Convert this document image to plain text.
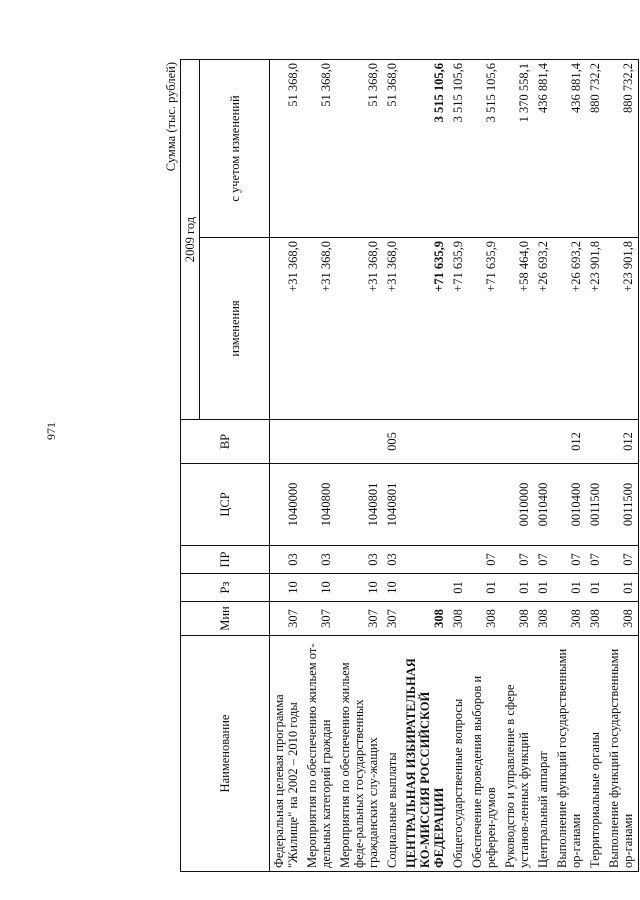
971
Сумма (тыс. рублей)
Наименование	Мин	Рз	ПР	ЦСР	ВР	2009 год	
						изменения	с учетом изменений
Федеральная целевая программа "Жилище" на 2002 – 2010 годы	307	10	03	1040000		+31 368,0	51 368,0
Мероприятия по обеспечению жильем от-дельных категорий граждан	307	10	03	1040800		+31 368,0	51 368,0
Мероприятия по обеспечению жильем феде-ральных государственных гражданских слу-жащих	307	10	03	1040801		+31 368,0	51 368,0
Социальные выплаты	307	10	03	1040801	005	+31 368,0	51 368,0
ЦЕНТРАЛЬНАЯ ИЗБИРАТЕЛЬНАЯ КО-МИССИЯ РОССИЙСКОЙ ФЕДЕРАЦИИ	308					+71 635,9	3 515 105,6
Общегосударственные вопросы	308	01				+71 635,9	3 515 105,6
Обеспечение проведения выборов и референ-думов	308	01	07			+71 635,9	3 515 105,6
Руководство и управление в сфере установ-ленных функций	308	01	07	0010000		+58 464,0	1 370 558,1
Центральный аппарат	308	01	07	0010400		+26 693,2	436 881,4
Выполнение функций государственными ор-ганами	308	01	07	0010400	012	+26 693,2	436 881,4
Территориальные органы	308	01	07	0011500		+23 901,8	880 732,2
Выполнение функций государственными ор-ганами	308	01	07	0011500	012	+23 901,8	880 732,2
